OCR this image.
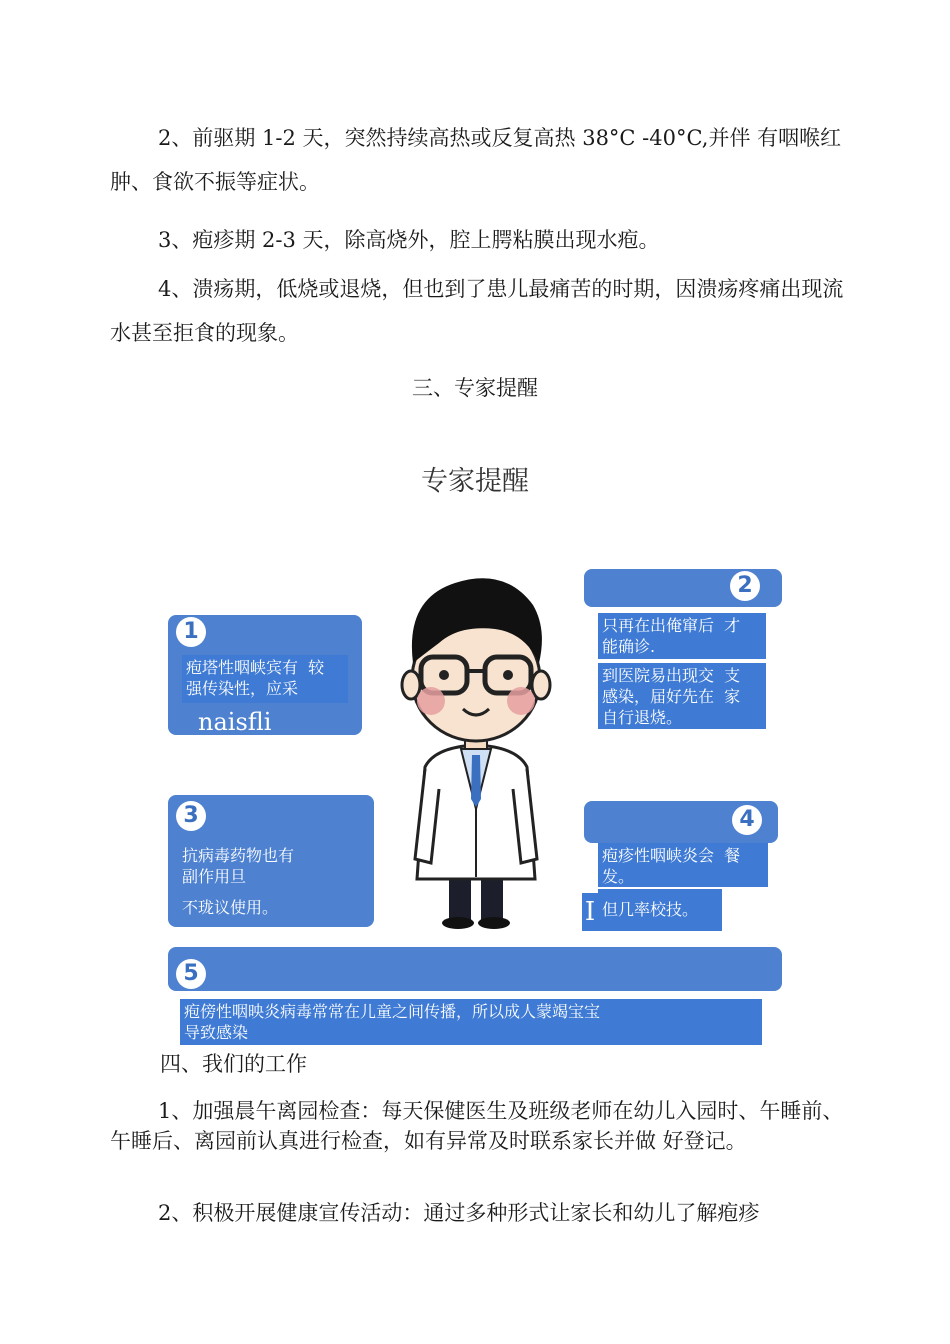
2、前驱期 1-2 天，突然持续高热或反复高热 38°C -40°C,并伴 有咽喉红肿、食欲不振等症状。

3、疱疹期 2-3 天，除高烧外，腔上腭粘膜出现水疱。

4、溃疡期，低烧或退烧，但也到了患儿最痛苦的时期，因溃疡疼痛出现流水甚至拒食的现象。

三、专家提醒
专家提醒
1
疱塔性咽峡宾有  较
强传染性，应采
naisfli
2
只再在出俺窜后  才
能确诊.
到医院易出现交  支
感染，届好先在  家
自行退烧。
3
抗病毒药物也有
副作用旦
不珑议使用。
4
疱疹性咽峡炎会  餐
发。
I 但几率校技。
5
疱傍性咽映炎病毒常常在儿童之间传播，所以成人蒙竭宝宝
导致感染
四、我们的工作

1、加强晨午离园检查：每天保健医生及班级老师在幼儿入园时、午睡前、午睡后、离园前认真进行检查，如有异常及时联系家长并做 好登记。

2、积极开展健康宣传活动：通过多种形式让家长和幼儿了解疱疹
